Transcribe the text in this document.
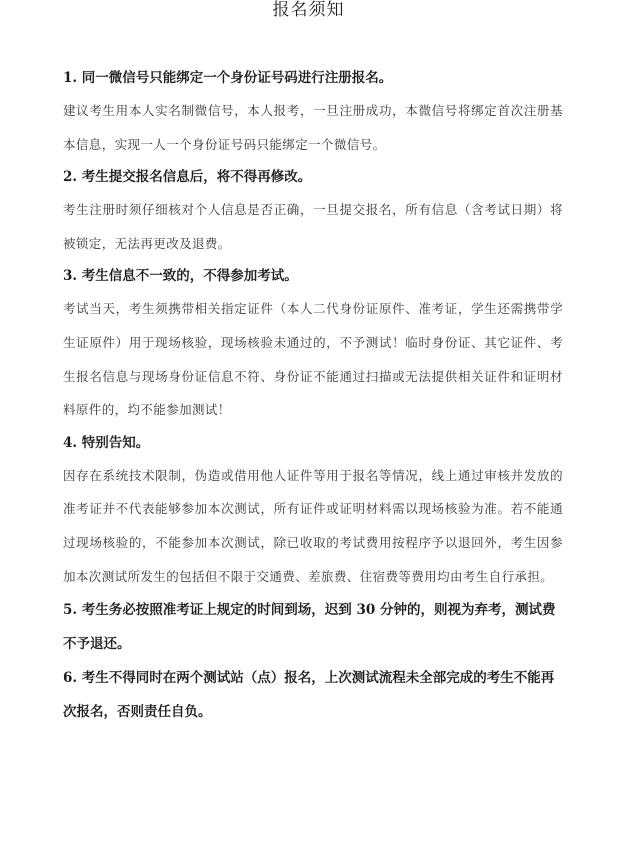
报名须知
1. 同一微信号只能绑定一个身份证号码进行注册报名。
建议考生用本人实名制微信号，本人报考，一旦注册成功，本微信号将绑定首次注册基本信息，实现一人一个身份证号码只能绑定一个微信号。
2. 考生提交报名信息后，将不得再修改。
考生注册时须仔细核对个人信息是否正确，一旦提交报名，所有信息（含考试日期）将被锁定，无法再更改及退费。
3. 考生信息不一致的，不得参加考试。
考试当天，考生须携带相关指定证件（本人二代身份证原件、准考证，学生还需携带学生证原件）用于现场核验，现场核验未通过的，不予测试！临时身份证、其它证件、考生报名信息与现场身份证信息不符、身份证不能通过扫描或无法提供相关证件和证明材料原件的，均不能参加测试！
4. 特别告知。
因存在系统技术限制，伪造或借用他人证件等用于报名等情况，线上通过审核并发放的准考证并不代表能够参加本次测试，所有证件或证明材料需以现场核验为准。若不能通过现场核验的，不能参加本次测试，除已收取的考试费用按程序予以退回外，考生因参加本次测试所发生的包括但不限于交通费、差旅费、住宿费等费用均由考生自行承担。
5. 考生务必按照准考证上规定的时间到场，迟到 30 分钟的，则视为弃考，测试费不予退还。
6. 考生不得同时在两个测试站（点）报名，上次测试流程未全部完成的考生不能再次报名，否则责任自负。
